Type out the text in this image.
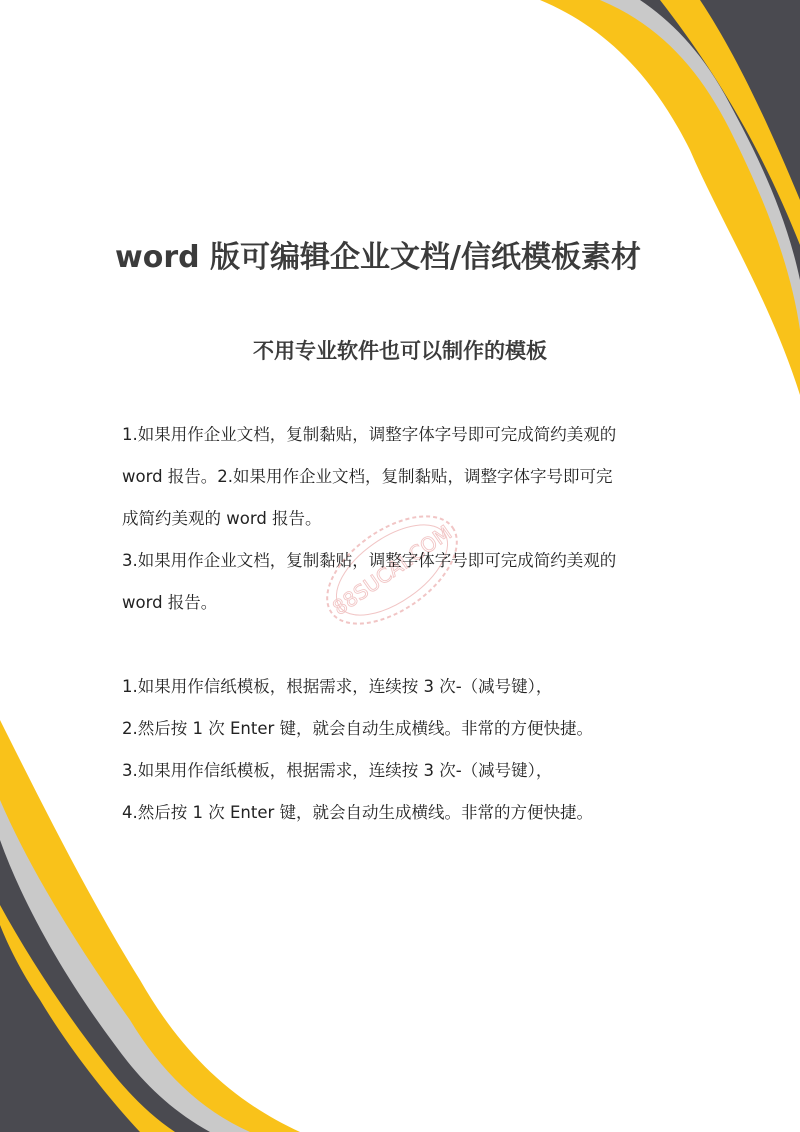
word 版可编辑企业文档/信纸模板素材
不用专业软件也可以制作的模板
1.如果用作企业文档，复制黏贴，调整字体字号即可完成简约美观的
word 报告。2.如果用作企业文档，复制黏贴，调整字体字号即可完
成简约美观的 word 报告。
3.如果用作企业文档，复制黏贴，调整字体字号即可完成简约美观的
word 报告。
1.如果用作信纸模板，根据需求，连续按 3 次-（减号键），
2.然后按 1 次 Enter 键，就会自动生成横线。非常的方便快捷。
3.如果用作信纸模板，根据需求，连续按 3 次-（减号键），
4.然后按 1 次 Enter 键，就会自动生成横线。非常的方便快捷。
88SUCAI.COM
